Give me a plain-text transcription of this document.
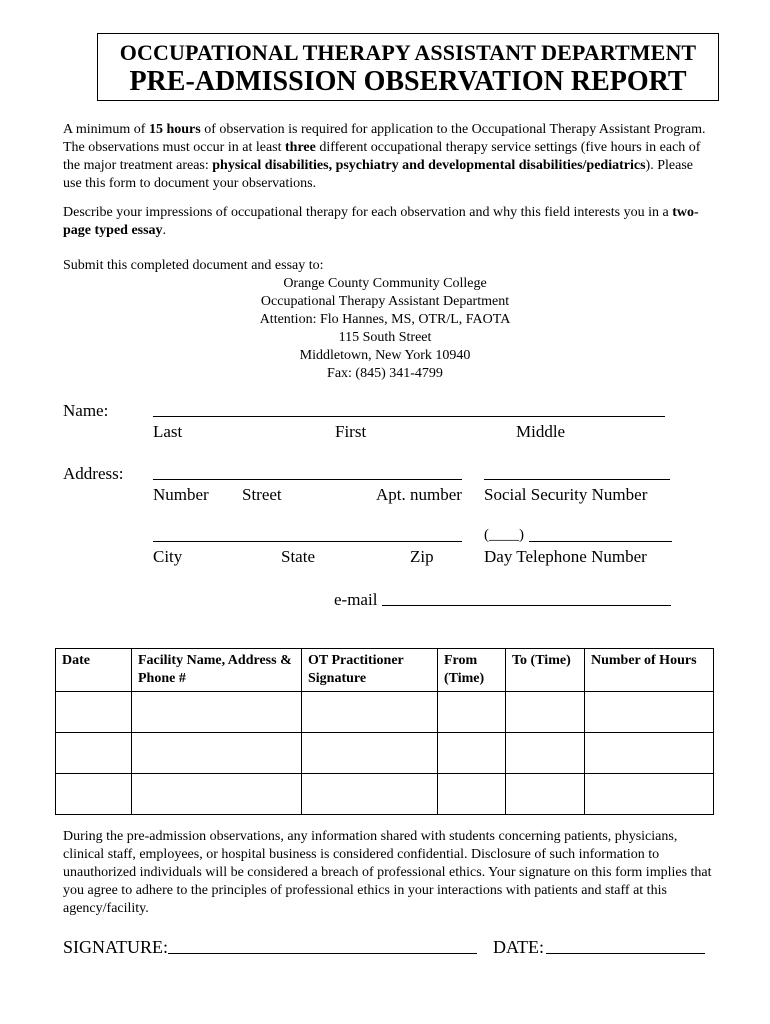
OCCUPATIONAL THERAPY ASSISTANT DEPARTMENT
PRE-ADMISSION OBSERVATION REPORT
A minimum of 15 hours of observation is required for application to the Occupational Therapy Assistant Program. The observations must occur in at least three different occupational therapy service settings (five hours in each of the major treatment areas: physical disabilities, psychiatry and developmental disabilities/pediatrics). Please use this form to document your observations.
Describe your impressions of occupational therapy for each observation and why this field interests you in a two-page typed essay.
Submit this completed document and essay to:
Orange County Community College
Occupational Therapy Assistant Department
Attention: Flo Hannes, MS, OTR/L, FAOTA
115 South Street
Middletown, New York 10940
Fax: (845) 341-4799
Name:
Last	First	Middle
Address:
Number Street	Apt. number Social Security Number
(____)
City	State	Zip	Day Telephone Number
e-mail
Date	Facility Name, Address & Phone #	OT Practitioner Signature	From (Time)	To (Time)	Number of Hours

During the pre-admission observations, any information shared with students concerning patients, physicians, clinical staff, employees, or hospital business is considered confidential. Disclosure of such information to unauthorized individuals will be considered a breach of professional ethics. Your signature on this form implies that you agree to adhere to the principles of professional ethics in your interactions with patients and staff at this agency/facility.
SIGNATURE:	DATE:
